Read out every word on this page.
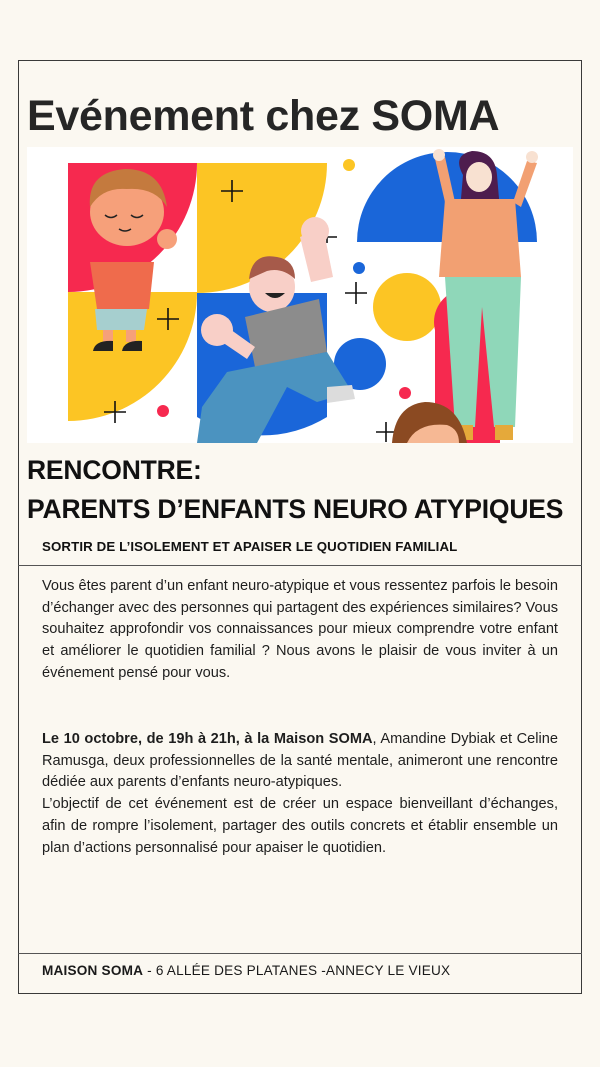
Evénement chez SOMA
RENCONTRE:
PARENTS D’ENFANTS NEURO ATYPIQUES
SORTIR DE L’ISOLEMENT ET APAISER LE QUOTIDIEN FAMILIAL

Vous êtes parent d’un enfant neuro-atypique et vous ressentez parfois le besoin d’échanger avec des personnes qui partagent des expériences similaires? Vous souhaitez approfondir vos connaissances pour mieux comprendre votre enfant et améliorer le quotidien familial ? Nous avons le plaisir de vous inviter à un événement pensé pour vous.

Le 10 octobre, de 19h à 21h, à la Maison SOMA, Amandine Dybiak et Celine Ramusga, deux professionnelles de la santé mentale, animeront une rencontre dédiée aux parents d’enfants neuro-atypiques.

L’objectif de cet événement est de créer un espace bienveillant d’échanges, afin de rompre l’isolement, partager des outils concrets et établir ensemble un plan d’actions personnalisé pour apaiser le quotidien.

MAISON SOMA - 6 ALLÉE DES PLATANES -ANNECY LE VIEUX
